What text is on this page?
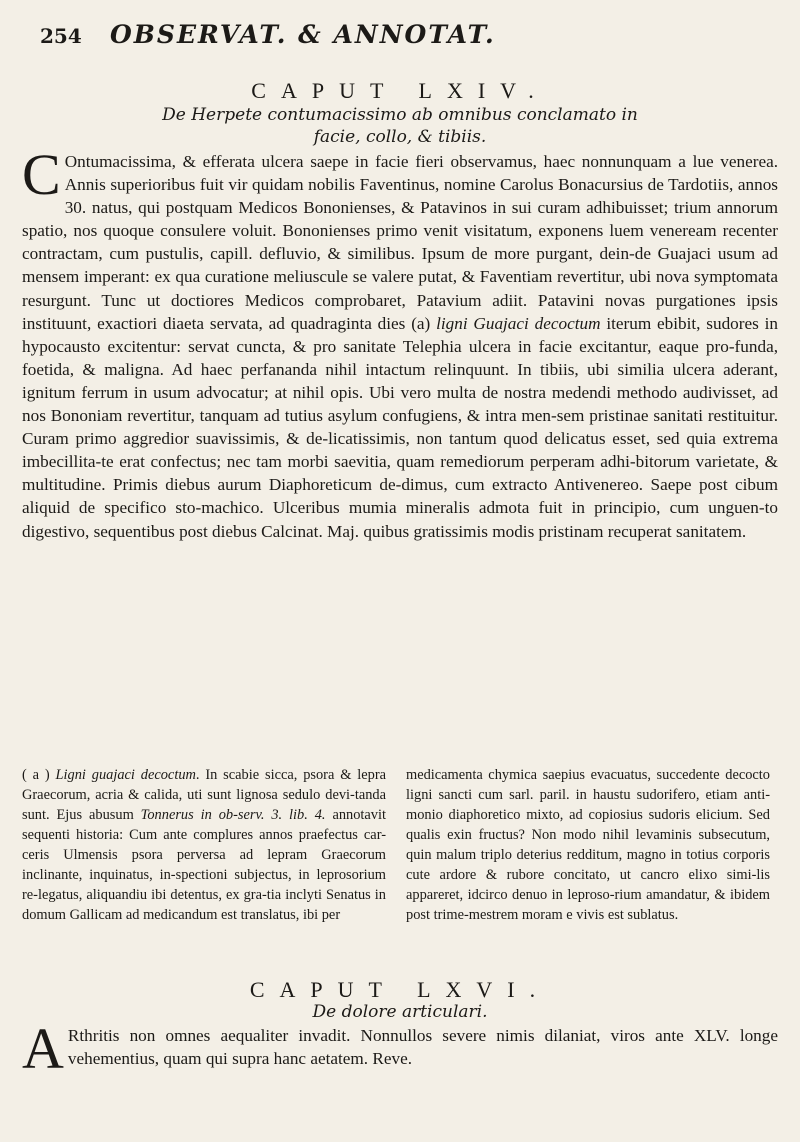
254 OBSERVAT. & ANNOTAT.
CAPUT LXIV.
De Herpete contumacissimo ab omnibus conclamato in
facie, collo, & tibiis.
C Ontumacissima, & efferata ulcera saepe in facie fieri observamus, haec nonnunquam a lue venerea. Annis superioribus fuit vir quidam nobilis Faventinus, nomine Carolus Bonacursius de Tardotiis, annos 30. natus, qui postquam Medicos Bononienses, & Patavinos in sui curam adhibuisset; trium annorum spatio, nos quoque consulere voluit. Bononienses primo venit visitatum, exponens luem veneream recenter contractam, cum pustulis, capill. defluvio, & similibus. Ipsum de more purgant, dein-de Guajaci usum ad mensem imperant: ex qua curatione meliusculе se valere putat, & Faventiam revertitur, ubi nova symptomata resurgunt. Tunc ut doctiores Medicos comprobaret, Patavium adiit. Patavini novas purgationes ipsis instituunt, exactiori diaeta servata, ad quadraginta dies (a) ligni Guajaci decoctum iterum ebibit, sudores in hypocausto excitentur: servat cuncta, & pro sanitate Telephia ulcera in facie excitantur, eaque pro-funda, foetida, & maligna. Ad haec perfananda nihil intactum relinquunt. In tibiis, ubi similia ulcera aderant, ignitum ferrum in usum advocatur; at nihil opis. Ubi vero multa de nostra medendi methodo audivisset, ad nos Bononiam revertitur, tanquam ad tutius asylum confugiens, & intra men-sem pristinae sanitati restituitur. Curam primo aggredior suavissimis, & de-licatissimis, non tantum quod delicatus esset, sed quia extrema imbecillita-te erat confectus; nec tam morbi saevitia, quam remediorum perperam adhi-bitorum varietate, & multitudine. Primis diebus aurum Diaphoreticum de-dimus, cum extracto Antivenereo. Saepe post cibum aliquid de specifico sto-machico. Ulceribus mumia mineralis admota fuit in principio, cum unguen-to digestivo, sequentibus post diebus Calcinat. Maj. quibus gratissimis modis pristinam recuperat sanitatem.
( a ) Ligni guajaci decoctum. In scabie sicca, psora & lepra Graecorum, acria & calida, uti sunt lignosa sedulo devi-tanda sunt. Ejus abusum Tonnerus in ob-serv. 3. lib. 4. annotavit sequenti historia: Cum ante complures annos praefectus car-ceris Ulmensis psora perversa ad lepram Graecorum inclinante, inquinatus, in-spectioni subjectus, in leprosorium re-legatus, aliquandiu ibi detentus, ex gra-tia inclyti Senatus in domum Gallicam ad medicandum est translatus, ibi per
medicamenta chymica saepius evacuatus, succedente decocto ligni sancti cum sarl. paril. in haustu sudorifero, etiam anti-monio diaphoretico mixto, ad copiosius sudoris elicium. Sed qualis exin fructus? Non modo nihil levaminis subsecutum, quin malum triplo deterius redditum, magno in totius corporis cute ardore & rubore concitato, ut cancro elixo simi-lis appareret, idcirco denuo in leproso-rium amandatur, & ibidem post trime-mestrem moram e vivis est sublatus.
CAPUT LXVI.
De dolore articulari.
A Rthritis non omnes aequaliter invadit. Nonnullos severe nimis dilaniat, viros ante XLV. longe vehementius, quam qui supra hanc aetatem. Reve.
